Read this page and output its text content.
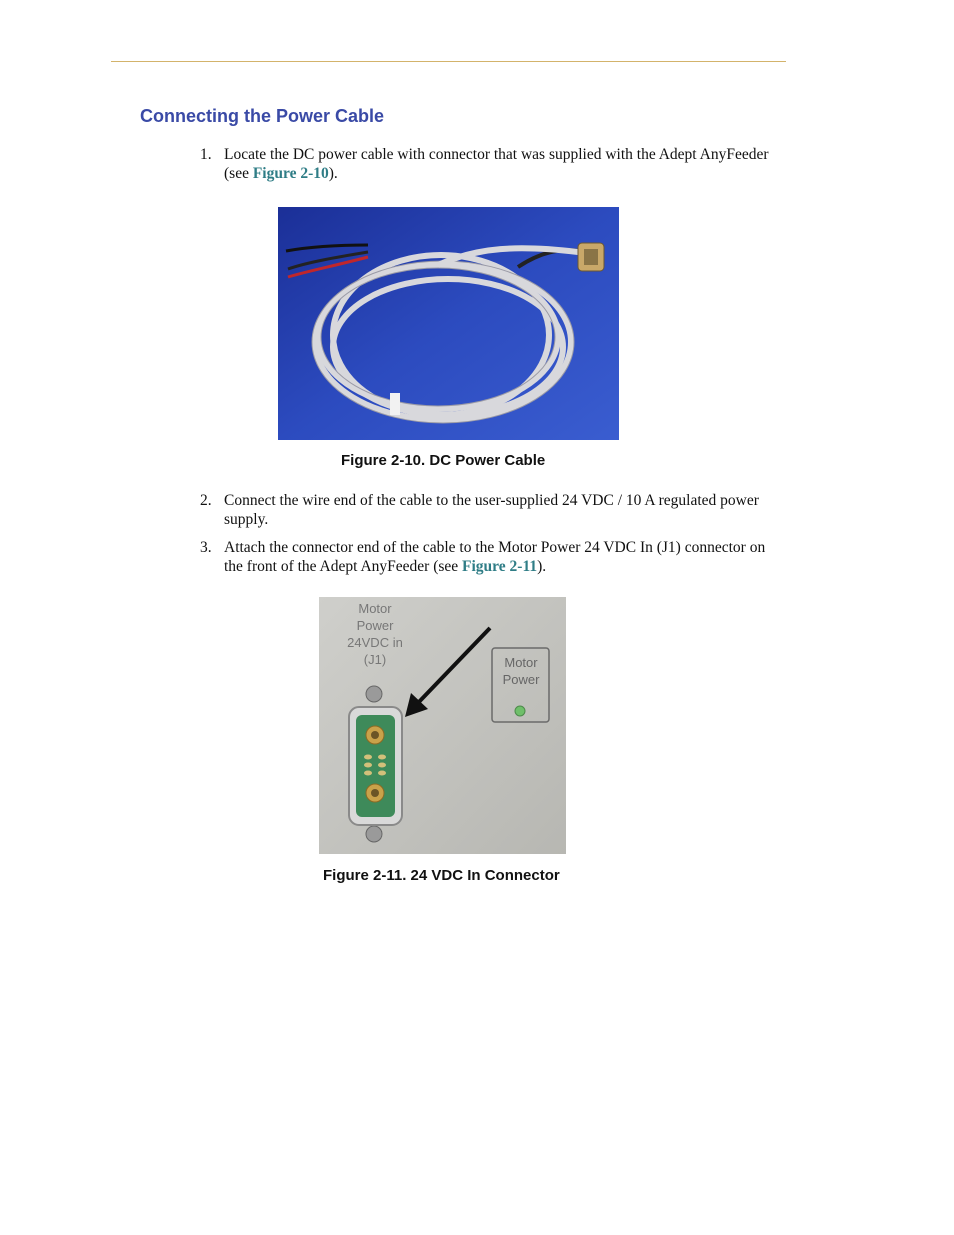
Connecting the Power Cable
1. Locate the DC power cable with connector that was supplied with the Adept AnyFeeder (see Figure 2-10).

Figure 2-10. DC Power Cable

2. Connect the wire end of the cable to the user-supplied 24 VDC / 10 A regulated power supply.
3. Attach the connector end of the cable to the Motor Power 24 VDC In (J1) connector on the front of the Adept AnyFeeder (see Figure 2-11).
Motor
Power
24VDC in
(J1)	Motor
Power

Figure 2-11. 24 VDC In Connector
